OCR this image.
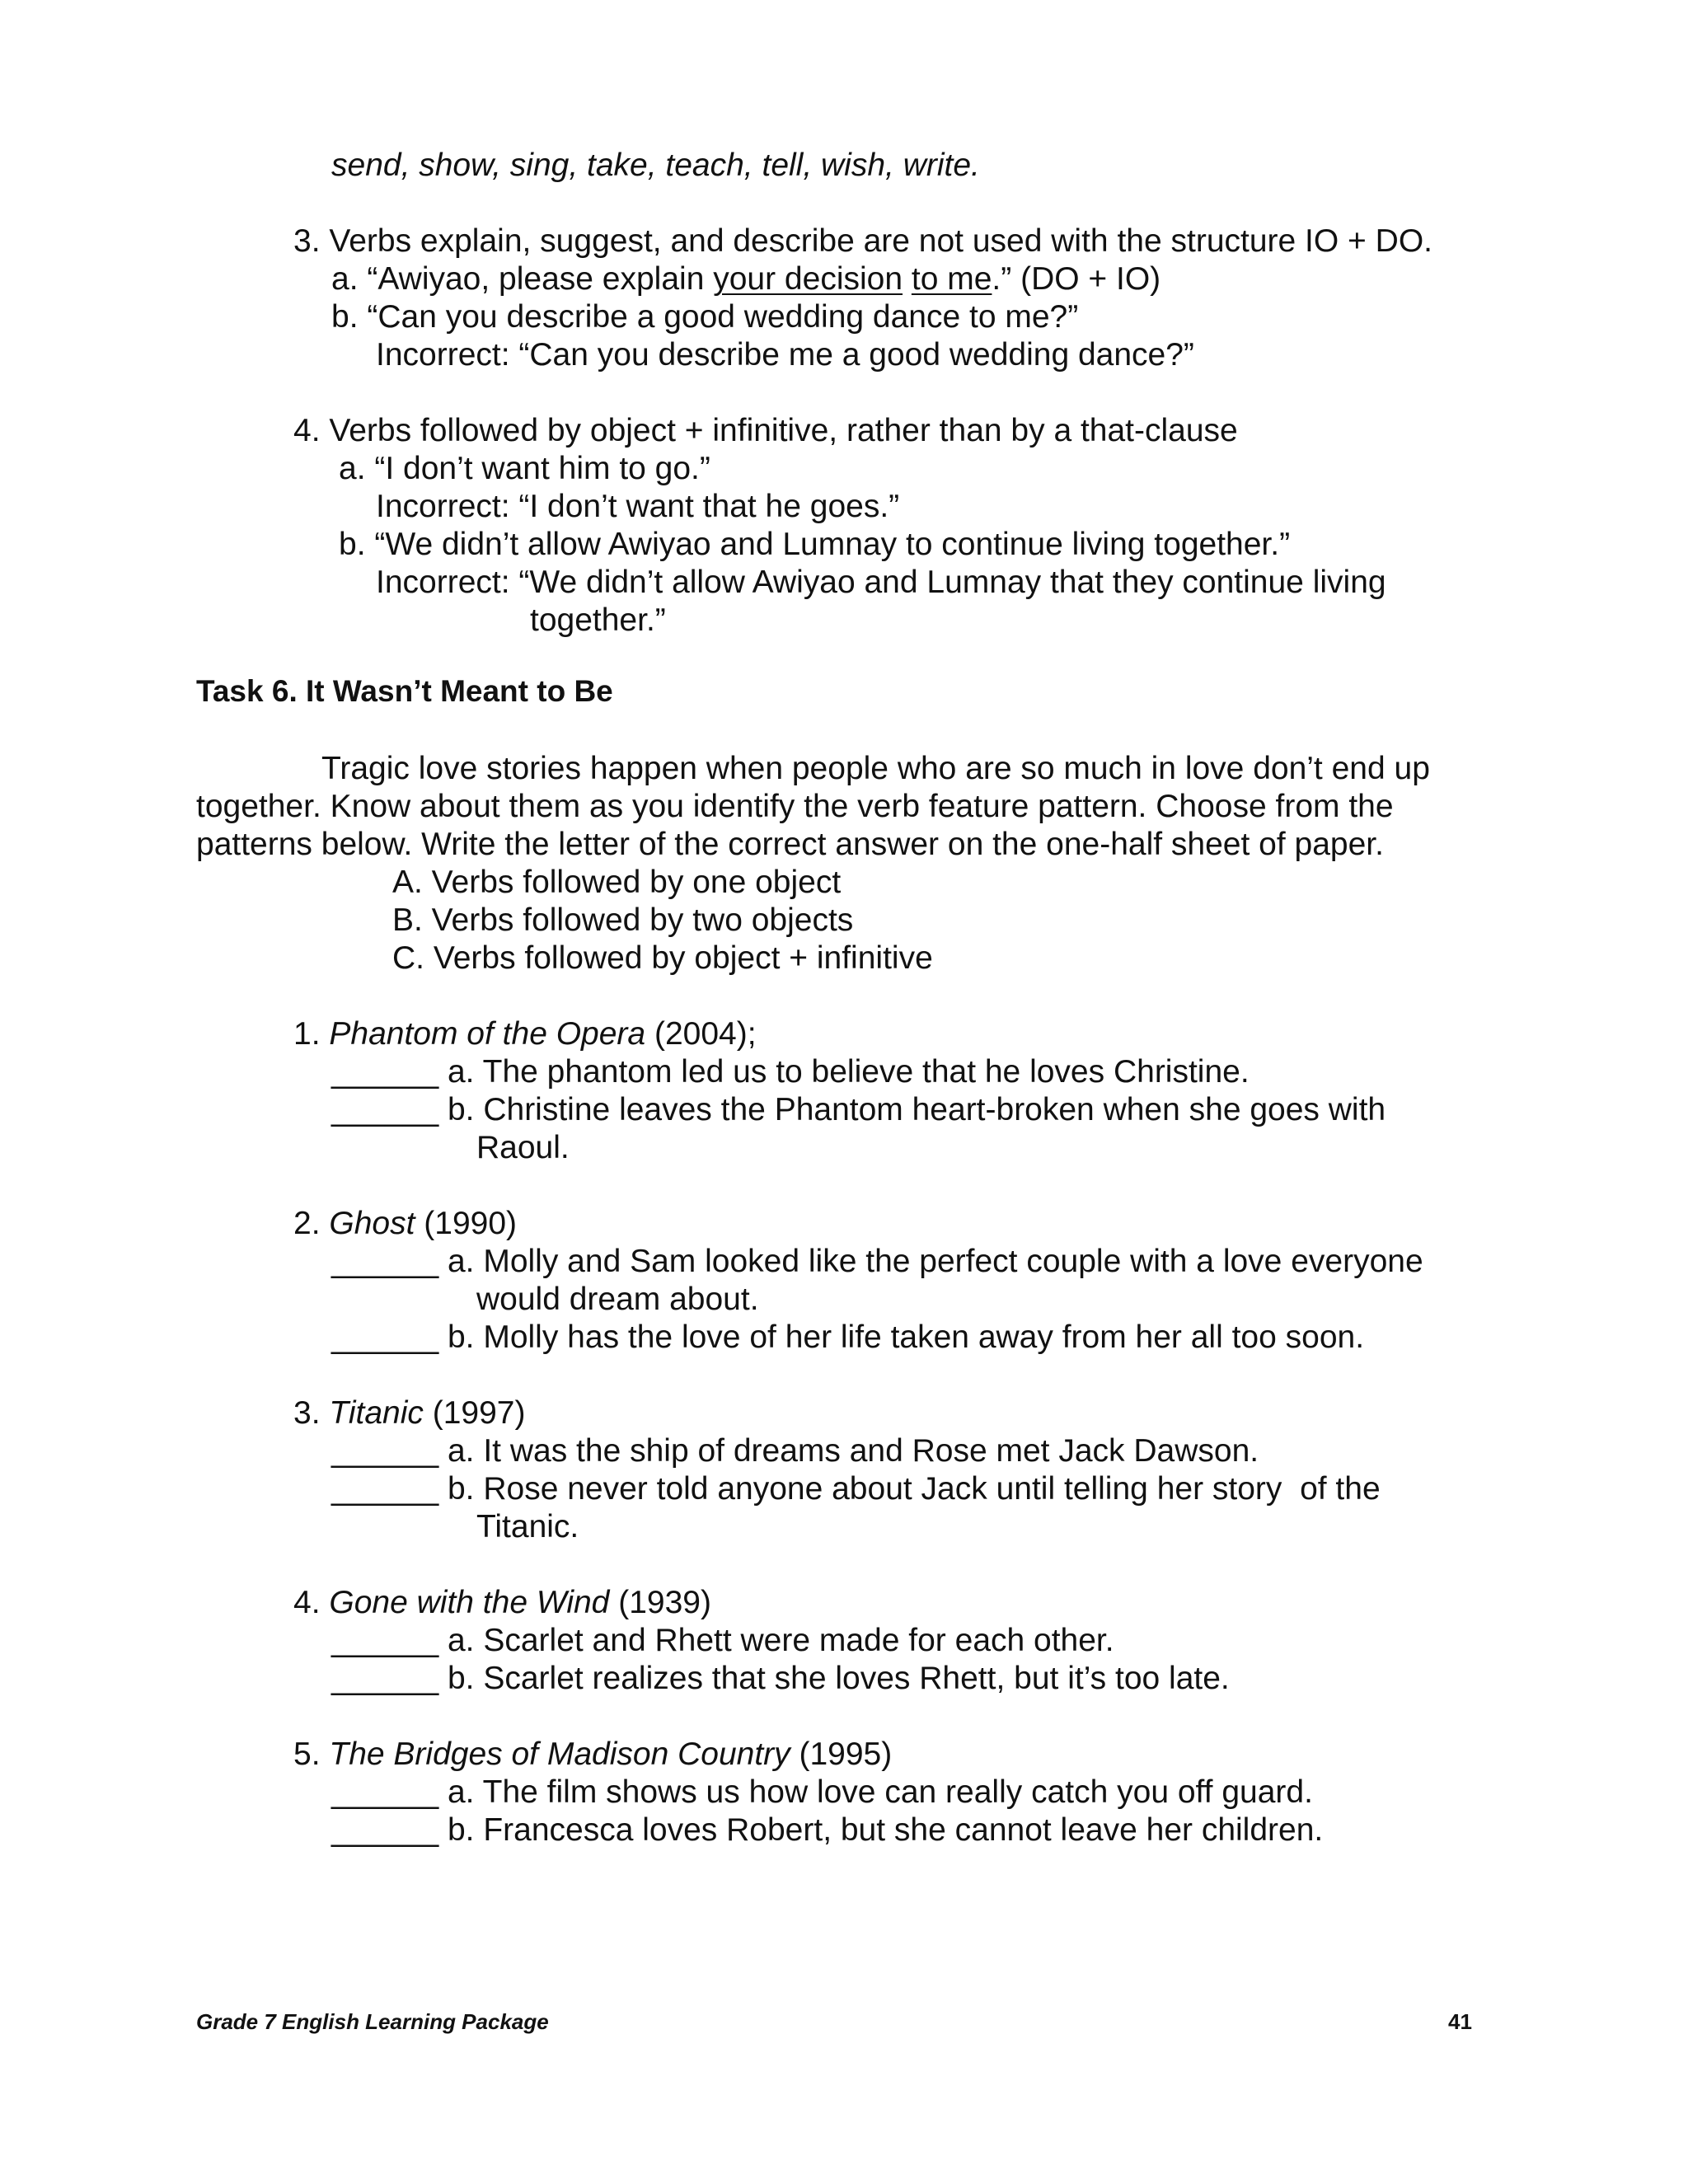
send, show, sing, take, teach, tell, wish, write.
3. Verbs explain, suggest, and describe are not used with the structure IO + DO.
a. “Awiyao, please explain your decision to me.” (DO + IO)
b. “Can you describe a good wedding dance to me?”
Incorrect: “Can you describe me a good wedding dance?”
4. Verbs followed by object + infinitive, rather than by a that-clause
a. “I don’t want him to go.”
Incorrect: “I don’t want that he goes.”
b. “We didn’t allow Awiyao and Lumnay to continue living together.”
Incorrect: “We didn’t allow Awiyao and Lumnay that they continue living
together.”
Task 6. It Wasn’t Meant to Be
Tragic love stories happen when people who are so much in love don’t end up
together. Know about them as you identify the verb feature pattern. Choose from the
patterns below. Write the letter of the correct answer on the one-half sheet of paper.
A. Verbs followed by one object
B. Verbs followed by two objects
C. Verbs followed by object + infinitive
1. Phantom of the Opera (2004);
______ a. The phantom led us to believe that he loves Christine.
______ b. Christine leaves the Phantom heart-broken when she goes with
Raoul.
2. Ghost (1990)
______ a. Molly and Sam looked like the perfect couple with a love everyone
would dream about.
______ b. Molly has the love of her life taken away from her all too soon.
3. Titanic (1997)
______ a. It was the ship of dreams and Rose met Jack Dawson.
______ b. Rose never told anyone about Jack until telling her story  of the
Titanic.
4. Gone with the Wind (1939)
______ a. Scarlet and Rhett were made for each other.
______ b. Scarlet realizes that she loves Rhett, but it’s too late.
5. The Bridges of Madison Country (1995)
______ a. The film shows us how love can really catch you off guard.
______ b. Francesca loves Robert, but she cannot leave her children.
Grade 7 English Learning Package	41
